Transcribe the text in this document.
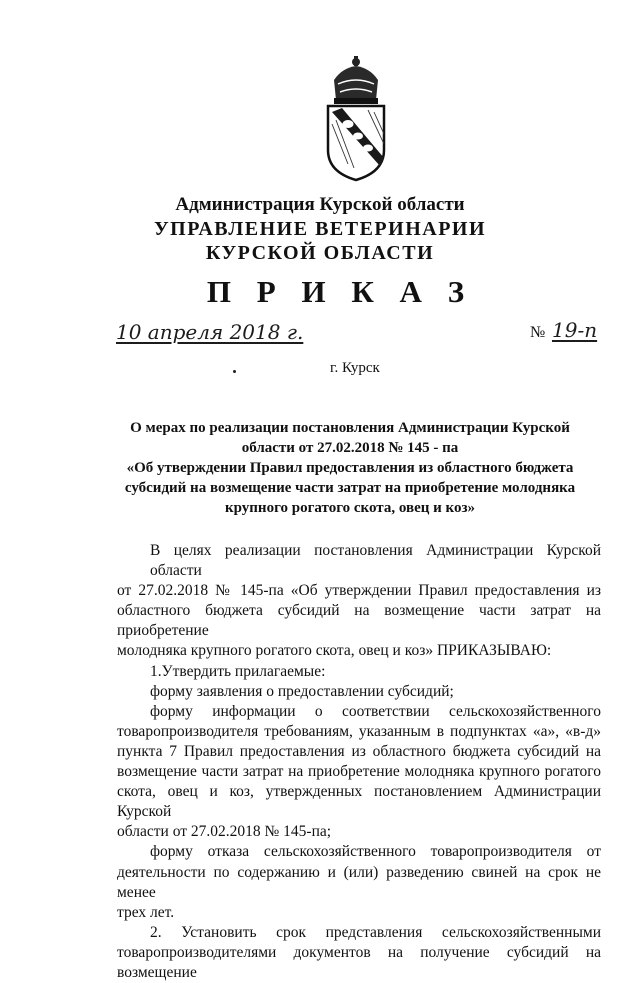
Администрация Курской области
УПРАВЛЕНИЕ ВЕТЕРИНАРИИ
КУРСКОЙ ОБЛАСТИ
П Р И К А З
10 апреля 2018 г.	№ 19-п
г. Курск
О мерах по реализации постановления Администрации Курской
области от 27.02.2018 № 145 - па
«Об утверждении Правил предоставления из областного бюджета
субсидий на возмещение части затрат на приобретение молодняка
крупного рогатого скота, овец и коз»
В целях реализации постановления Администрации Курской области
от 27.02.2018 № 145-па «Об утверждении Правил предоставления из
областного бюджета субсидий на возмещение части затрат на приобретение
молодняка крупного рогатого скота, овец и коз» ПРИКАЗЫВАЮ:
1.Утвердить прилагаемые:
форму заявления о предоставлении субсидий;
форму информации о соответствии сельскохозяйственного
товаропроизводителя требованиям, указанным в подпунктах «а», «в-д»
пункта 7 Правил предоставления из областного бюджета субсидий на
возмещение части затрат на приобретение молодняка крупного рогатого
скота, овец и коз, утвержденных постановлением Администрации Курской
области от 27.02.2018 № 145-па;
форму отказа сельскохозяйственного товаропроизводителя от
деятельности по содержанию и (или) разведению свиней на срок не менее
трех лет.
2. Установить срок представления сельскохозяйственными
товаропроизводителями документов на получение субсидий на возмещение
